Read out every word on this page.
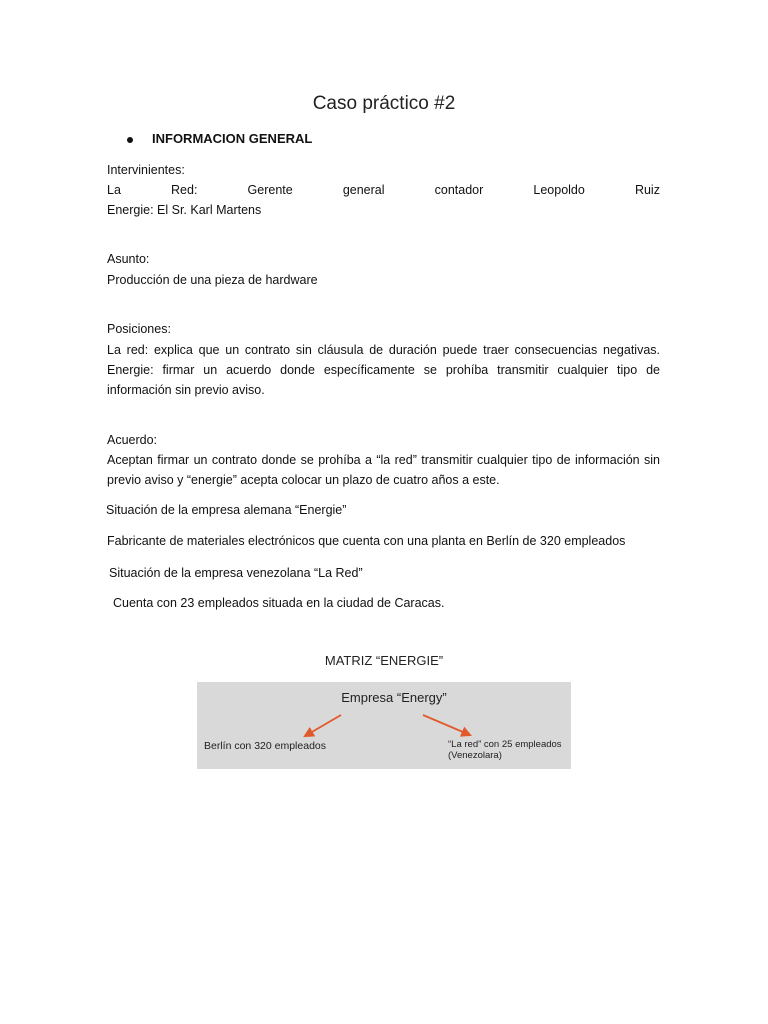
Caso práctico #2
INFORMACION GENERAL
Intervinientes:
La	Red:	Gerente	general	contador	Leopoldo	Ruiz
Energie: El Sr. Karl Martens
Asunto:
Producción de una pieza de hardware
Posiciones:
La red: explica que un contrato sin cláusula de duración puede traer consecuencias negativas.
Energie: firmar un acuerdo donde específicamente se prohíba transmitir cualquier tipo de información sin previo aviso.
Acuerdo:
Aceptan firmar un contrato donde se prohíba a “la red” transmitir cualquier tipo de información sin previo aviso y “energie” acepta colocar un plazo de cuatro años a este.
Situación de la empresa alemana “Energie”
Fabricante de materiales electrónicos que cuenta con una planta en Berlín de 320 empleados
Situación de la empresa venezolana “La Red”
Cuenta con 23 empleados situada en la ciudad de Caracas.
MATRIZ “ENERGIE”
Empresa “Energy”
Berlín con 320 empleados	“La red” con 25 empleados
(Venezolara)
